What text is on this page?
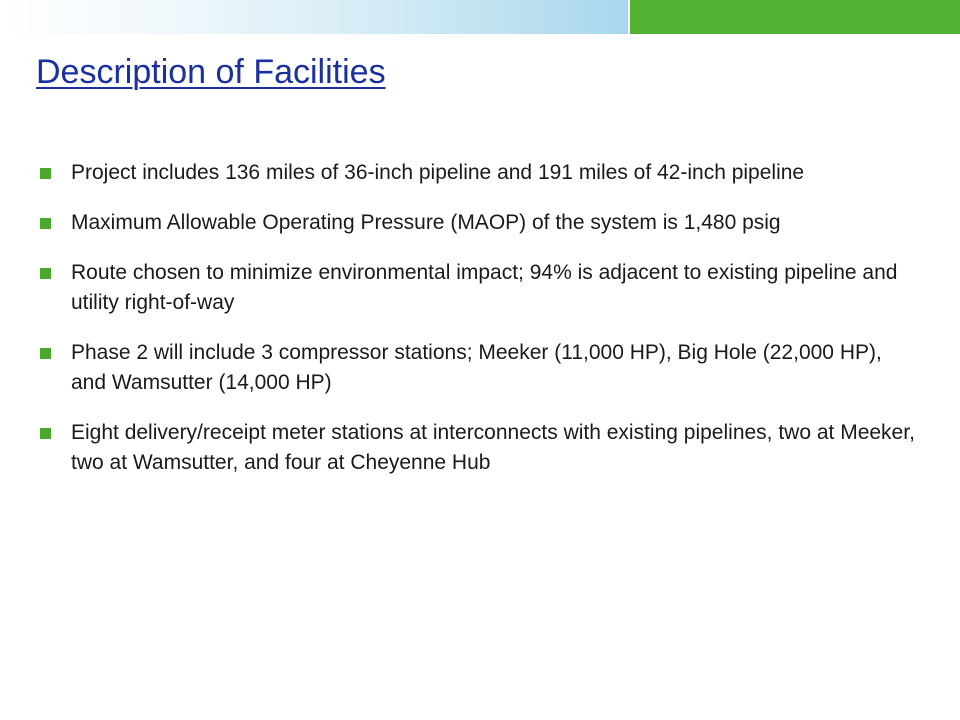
Description of Facilities
Project includes 136 miles of 36-inch pipeline and 191 miles of 42-inch pipeline
Maximum Allowable Operating Pressure (MAOP) of the system is 1,480 psig
Route chosen to minimize environmental impact; 94% is adjacent to existing pipeline and utility right-of-way
Phase 2 will include 3 compressor stations; Meeker (11,000 HP), Big Hole (22,000 HP), and Wamsutter (14,000 HP)
Eight delivery/receipt meter stations at interconnects with existing pipelines, two at Meeker, two at Wamsutter, and four at Cheyenne Hub
